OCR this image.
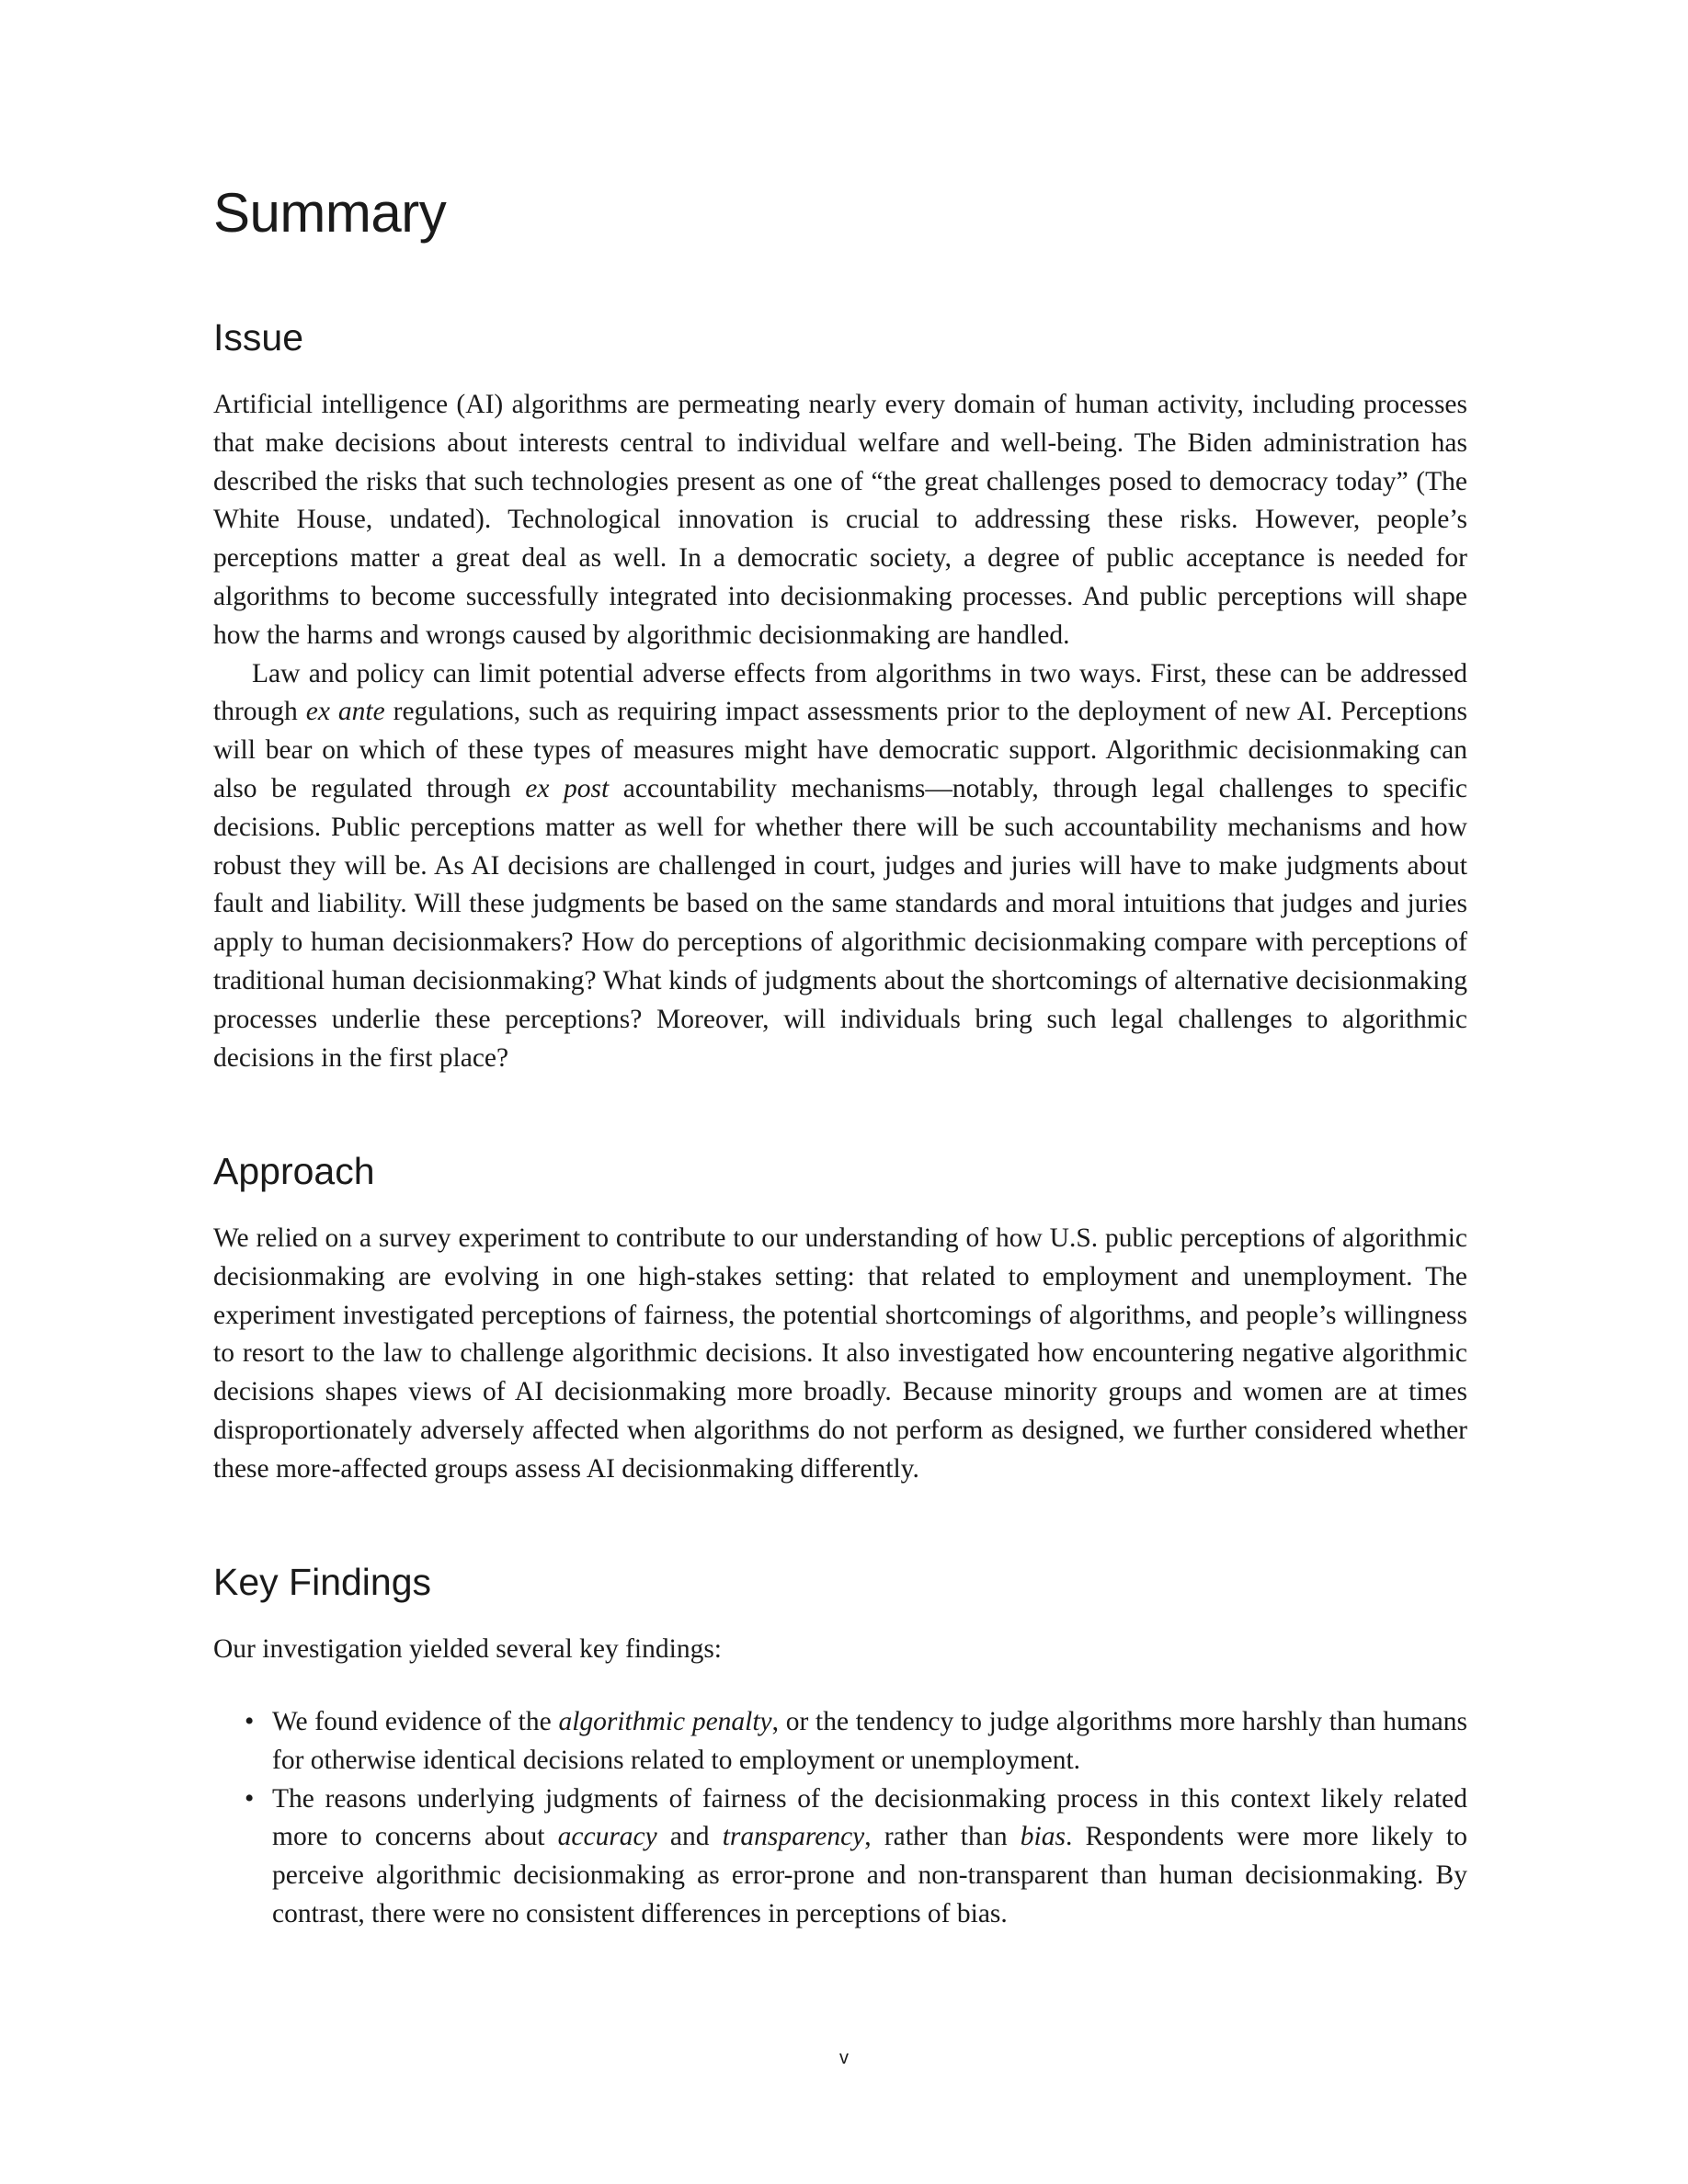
Summary
Issue

Artificial intelligence (AI) algorithms are permeating nearly every domain of human activity, including processes that make decisions about interests central to individual welfare and well-being. The Biden administration has described the risks that such technologies present as one of “the great challenges posed to democracy today” (The White House, undated). Technological innovation is crucial to addressing these risks. However, people’s perceptions matter a great deal as well. In a democratic society, a degree of public acceptance is needed for algorithms to become successfully integrated into decisionmaking processes. And public perceptions will shape how the harms and wrongs caused by algorithmic decisionmaking are handled.

Law and policy can limit potential adverse effects from algorithms in two ways. First, these can be addressed through ex ante regulations, such as requiring impact assessments prior to the deployment of new AI. Perceptions will bear on which of these types of measures might have democratic support. Algorithmic decisionmaking can also be regulated through ex post accountability mechanisms—notably, through legal challenges to specific decisions. Public perceptions matter as well for whether there will be such accountability mechanisms and how robust they will be. As AI decisions are challenged in court, judges and juries will have to make judgments about fault and liability. Will these judgments be based on the same standards and moral intuitions that judges and juries apply to human decisionmakers? How do perceptions of algorithmic decisionmaking compare with perceptions of traditional human decisionmaking? What kinds of judgments about the shortcomings of alternative decisionmaking processes underlie these perceptions? Moreover, will individuals bring such legal challenges to algorithmic decisions in the first place?

Approach

We relied on a survey experiment to contribute to our understanding of how U.S. public perceptions of algorithmic decisionmaking are evolving in one high-stakes setting: that related to employment and unemployment. The experiment investigated perceptions of fairness, the potential shortcomings of algorithms, and people’s willingness to resort to the law to challenge algorithmic decisions. It also investigated how encountering negative algorithmic decisions shapes views of AI decisionmaking more broadly. Because minority groups and women are at times disproportionately adversely affected when algorithms do not perform as designed, we further considered whether these more-affected groups assess AI decisionmaking differently.

Key Findings

Our investigation yielded several key findings:

• We found evidence of the algorithmic penalty, or the tendency to judge algorithms more harshly than humans for otherwise identical decisions related to employment or unemployment.
• The reasons underlying judgments of fairness of the decisionmaking process in this context likely related more to concerns about accuracy and transparency, rather than bias. Respondents were more likely to perceive algorithmic decisionmaking as error-prone and non-transparent than human decisionmaking. By contrast, there were no consistent differences in perceptions of bias.
v
